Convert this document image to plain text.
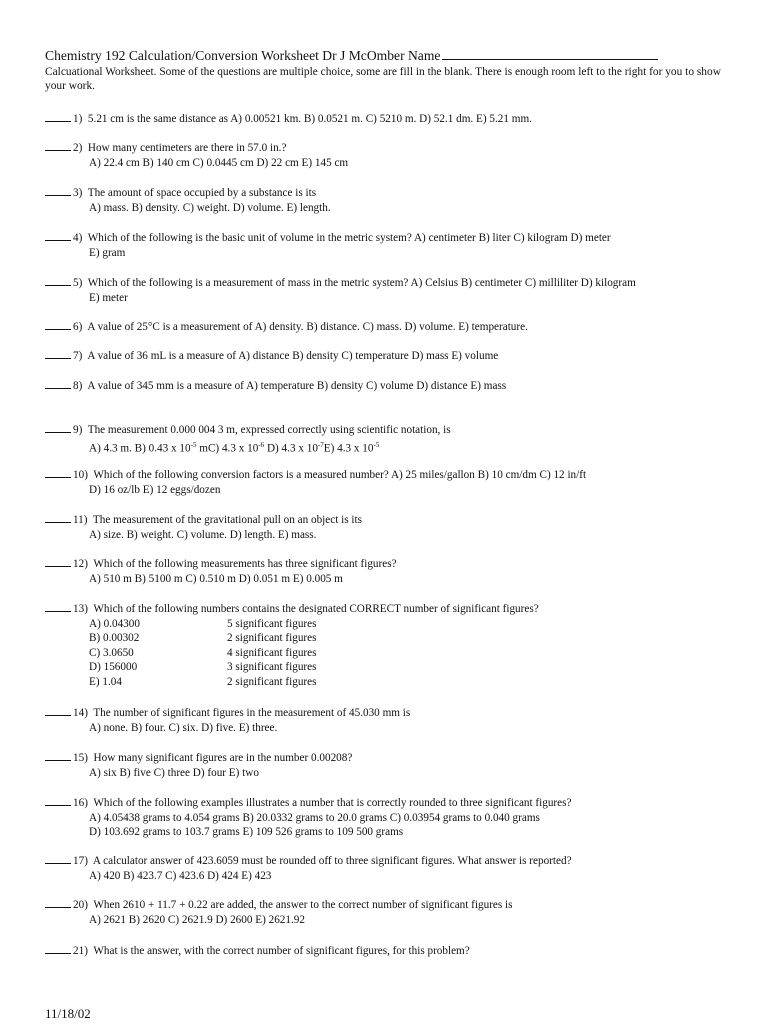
Chemistry 192 Calculation/Conversion Worksheet Dr J McOmber Name
Calcuational Worksheet. Some of the questions are multiple choice, some are fill in the blank. There is enough room left to the right for you to show your work.
1) 5.21 cm is the same distance as A) 0.00521 km. B) 0.0521 m. C) 5210 m. D) 52.1 dm. E) 5.21 mm.
2) How many centimeters are there in 57.0 in.?
A) 22.4 cm B) 140 cm C) 0.0445 cm D) 22 cm E) 145 cm
3) The amount of space occupied by a substance is its
A) mass. B) density. C) weight. D) volume. E) length.
4) Which of the following is the basic unit of volume in the metric system? A) centimeter B) liter C) kilogram D) meter
E) gram
5) Which of the following is a measurement of mass in the metric system? A) Celsius B) centimeter C) milliliter D) kilogram
E) meter
6) A value of 25°C is a measurement of A) density. B) distance. C) mass. D) volume. E) temperature.
7) A value of 36 mL is a measure of A) distance B) density C) temperature D) mass E) volume
8) A value of 345 mm is a measure of A) temperature B) density C) volume D) distance E) mass
9) The measurement 0.000 004 3 m, expressed correctly using scientific notation, is
A) 4.3 m. B) 0.43 x $10^{-5}$ mC) 4.3 x $10^{-6}$ D) 4.3 x $10^{-7}E$) 4.3 x $10^{-5}$
10) Which of the following conversion factors is a measured number? A) 25 miles/gallon B) 10 cm/dm C) 12 in/ft
D) 16 oz/lb E) 12 eggs/dozen
11) The measurement of the gravitational pull on an object is its
A) size. B) weight. C) volume. D) length. E) mass.
12) Which of the following measurements has three significant figures?
A) 510 m B) 5100 m C) 0.510 m D) 0.051 m E) 0.005 m
13) Which of the following numbers contains the designated CORRECT number of significant figures?
A) 0.04300	5 significant figures
B) 0.00302	2 significant figures
C) 3.0650	4 significant figures
D) 156000	3 significant figures
E) 1.04	2 significant figures
14) The number of significant figures in the measurement of 45.030 mm is
A) none. B) four. C) six. D) five. E) three.
15) How many significant figures are in the number 0.00208?
A) six B) five C) three D) four E) two
16) Which of the following examples illustrates a number that is correctly rounded to three significant figures?
A) 4.05438 grams to 4.054 grams B) 20.0332 grams to 20.0 grams C) 0.03954 grams to 0.040 grams
D) 103.692 grams to 103.7 grams E) 109 526 grams to 109 500 grams
17) A calculator answer of 423.6059 must be rounded off to three significant figures. What answer is reported?
A) 420 B) 423.7 C) 423.6 D) 424 E) 423
20) When 2610 + 11.7 + 0.22 are added, the answer to the correct number of significant figures is
A) 2621 B) 2620 C) 2621.9 D) 2600 E) 2621.92
21) What is the answer, with the correct number of significant figures, for this problem?
11/18/02
